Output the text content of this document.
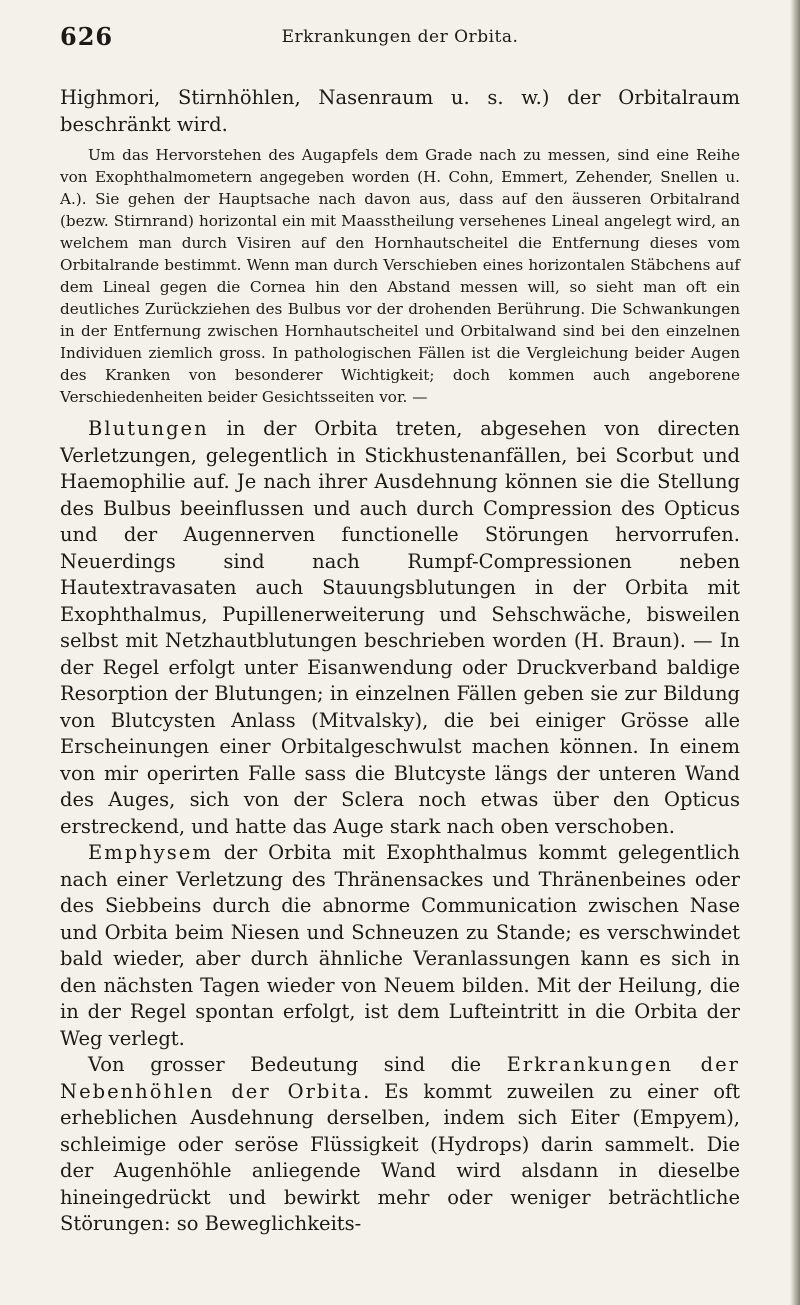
626	Erkrankungen der Orbita.

Highmori, Stirnhöhlen, Nasenraum u. s. w.) der Orbitalraum beschränkt wird.

Um das Hervorstehen des Augapfels dem Grade nach zu messen, sind eine Reihe von Exophthalmometern angegeben worden (H. Cohn, Emmert, Zehender, Snellen u. A.). Sie gehen der Hauptsache nach davon aus, dass auf den äusseren Orbitalrand (bezw. Stirnrand) horizontal ein mit Maasstheilung versehenes Lineal angelegt wird, an welchem man durch Visiren auf den Hornhautscheitel die Entfernung dieses vom Orbitalrande bestimmt. Wenn man durch Verschieben eines horizontalen Stäbchens auf dem Lineal gegen die Cornea hin den Abstand messen will, so sieht man oft ein deutliches Zurückziehen des Bulbus vor der drohenden Berührung. Die Schwankungen in der Entfernung zwischen Hornhautscheitel und Orbitalwand sind bei den einzelnen Individuen ziemlich gross. In pathologischen Fällen ist die Vergleichung beider Augen des Kranken von besonderer Wichtigkeit; doch kommen auch angeborene Verschiedenheiten beider Gesichtsseiten vor. —

Blutungen in der Orbita treten, abgesehen von directen Verletzungen, gelegentlich in Stickhustenanfällen, bei Scorbut und Haemophilie auf. Je nach ihrer Ausdehnung können sie die Stellung des Bulbus beeinflussen und auch durch Compression des Opticus und der Augennerven functionelle Störungen hervorrufen. Neuerdings sind nach Rumpf-Compressionen neben Hautextravasaten auch Stauungsblutungen in der Orbita mit Exophthalmus, Pupillenerweiterung und Sehschwäche, bisweilen selbst mit Netzhautblutungen beschrieben worden (H. Braun). — In der Regel erfolgt unter Eisanwendung oder Druckverband baldige Resorption der Blutungen; in einzelnen Fällen geben sie zur Bildung von Blutcysten Anlass (Mitvalsky), die bei einiger Grösse alle Erscheinungen einer Orbitalgeschwulst machen können. In einem von mir operirten Falle sass die Blutcyste längs der unteren Wand des Auges, sich von der Sclera noch etwas über den Opticus erstreckend, und hatte das Auge stark nach oben verschoben.

Emphysem der Orbita mit Exophthalmus kommt gelegentlich nach einer Verletzung des Thränensackes und Thränenbeines oder des Siebbeins durch die abnorme Communication zwischen Nase und Orbita beim Niesen und Schneuzen zu Stande; es verschwindet bald wieder, aber durch ähnliche Veranlassungen kann es sich in den nächsten Tagen wieder von Neuem bilden. Mit der Heilung, die in der Regel spontan erfolgt, ist dem Lufteintritt in die Orbita der Weg verlegt.

Von grosser Bedeutung sind die Erkrankungen der Nebenhöhlen der Orbita. Es kommt zuweilen zu einer oft erheblichen Ausdehnung derselben, indem sich Eiter (Empyem), schleimige oder seröse Flüssigkeit (Hydrops) darin sammelt. Die der Augenhöhle anliegende Wand wird alsdann in dieselbe hineingedrückt und bewirkt mehr oder weniger beträchtliche Störungen: so Beweglichkeits-
